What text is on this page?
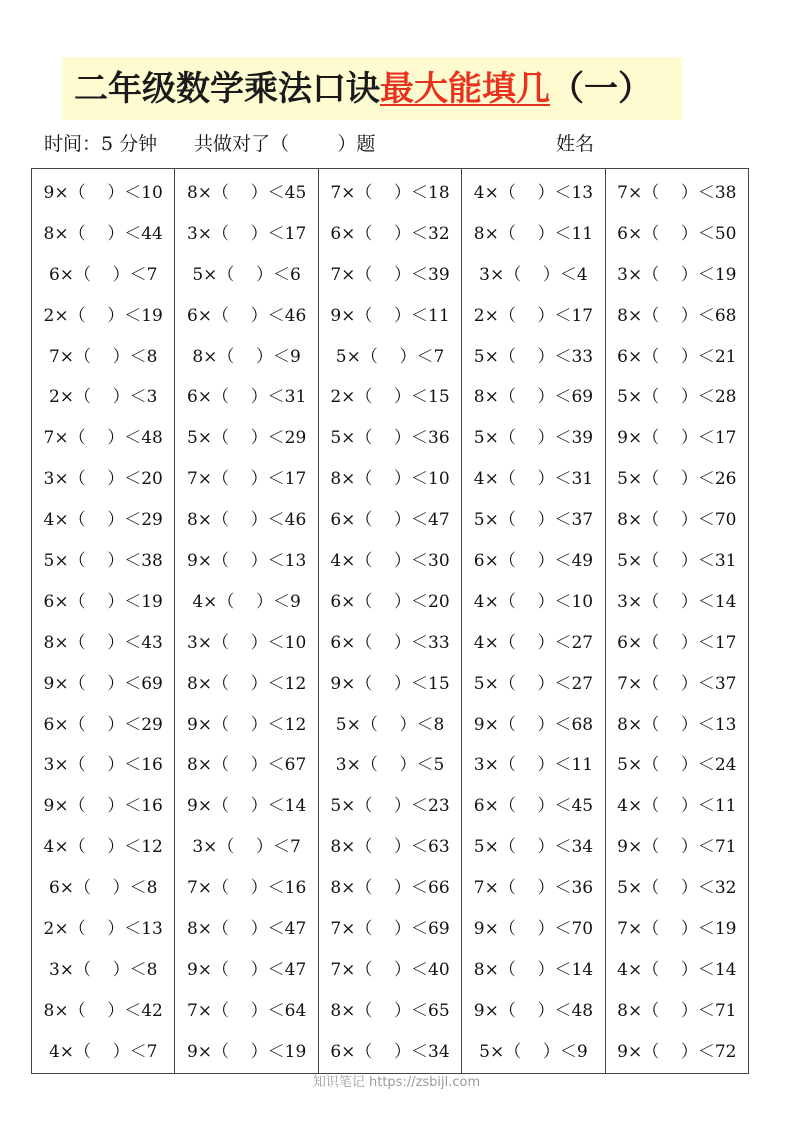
二年级数学乘法口诀最大能填几（一）
时间：5 分钟 共做对了（        ）题	姓名
9×（    ）＜10
8×（    ）＜44
6×（    ）＜7
2×（    ）＜19
7×（    ）＜8
2×（    ）＜3
7×（    ）＜48
3×（    ）＜20
4×（    ）＜29
5×（    ）＜38
6×（    ）＜19
8×（    ）＜43
9×（    ）＜69
6×（    ）＜29
3×（    ）＜16
9×（    ）＜16
4×（    ）＜12
6×（    ）＜8
2×（    ）＜13
3×（    ）＜8
8×（    ）＜42
4×（    ）＜7
8×（    ）＜45
3×（    ）＜17
5×（    ）＜6
6×（    ）＜46
8×（    ）＜9
6×（    ）＜31
5×（    ）＜29
7×（    ）＜17
8×（    ）＜46
9×（    ）＜13
4×（    ）＜9
3×（    ）＜10
8×（    ）＜12
9×（    ）＜12
8×（    ）＜67
9×（    ）＜14
3×（    ）＜7
7×（    ）＜16
8×（    ）＜47
9×（    ）＜47
7×（    ）＜64
9×（    ）＜19
7×（    ）＜18
6×（    ）＜32
7×（    ）＜39
9×（    ）＜11
5×（    ）＜7
2×（    ）＜15
5×（    ）＜36
8×（    ）＜10
6×（    ）＜47
4×（    ）＜30
6×（    ）＜20
6×（    ）＜33
9×（    ）＜15
5×（    ）＜8
3×（    ）＜5
5×（    ）＜23
8×（    ）＜63
8×（    ）＜66
7×（    ）＜69
7×（    ）＜40
8×（    ）＜65
6×（    ）＜34
4×（    ）＜13
8×（    ）＜11
3×（    ）＜4
2×（    ）＜17
5×（    ）＜33
8×（    ）＜69
5×（    ）＜39
4×（    ）＜31
5×（    ）＜37
6×（    ）＜49
4×（    ）＜10
4×（    ）＜27
5×（    ）＜27
9×（    ）＜68
3×（    ）＜11
6×（    ）＜45
5×（    ）＜34
7×（    ）＜36
9×（    ）＜70
8×（    ）＜14
9×（    ）＜48
5×（    ）＜9
7×（    ）＜38
6×（    ）＜50
3×（    ）＜19
8×（    ）＜68
6×（    ）＜21
5×（    ）＜28
9×（    ）＜17
5×（    ）＜26
8×（    ）＜70
5×（    ）＜31
3×（    ）＜14
6×（    ）＜17
7×（    ）＜37
8×（    ）＜13
5×（    ）＜24
4×（    ）＜11
9×（    ）＜71
5×（    ）＜32
7×（    ）＜19
4×（    ）＜14
8×（    ）＜71
9×（    ）＜72
知识笔记 https://zsbijl.com
